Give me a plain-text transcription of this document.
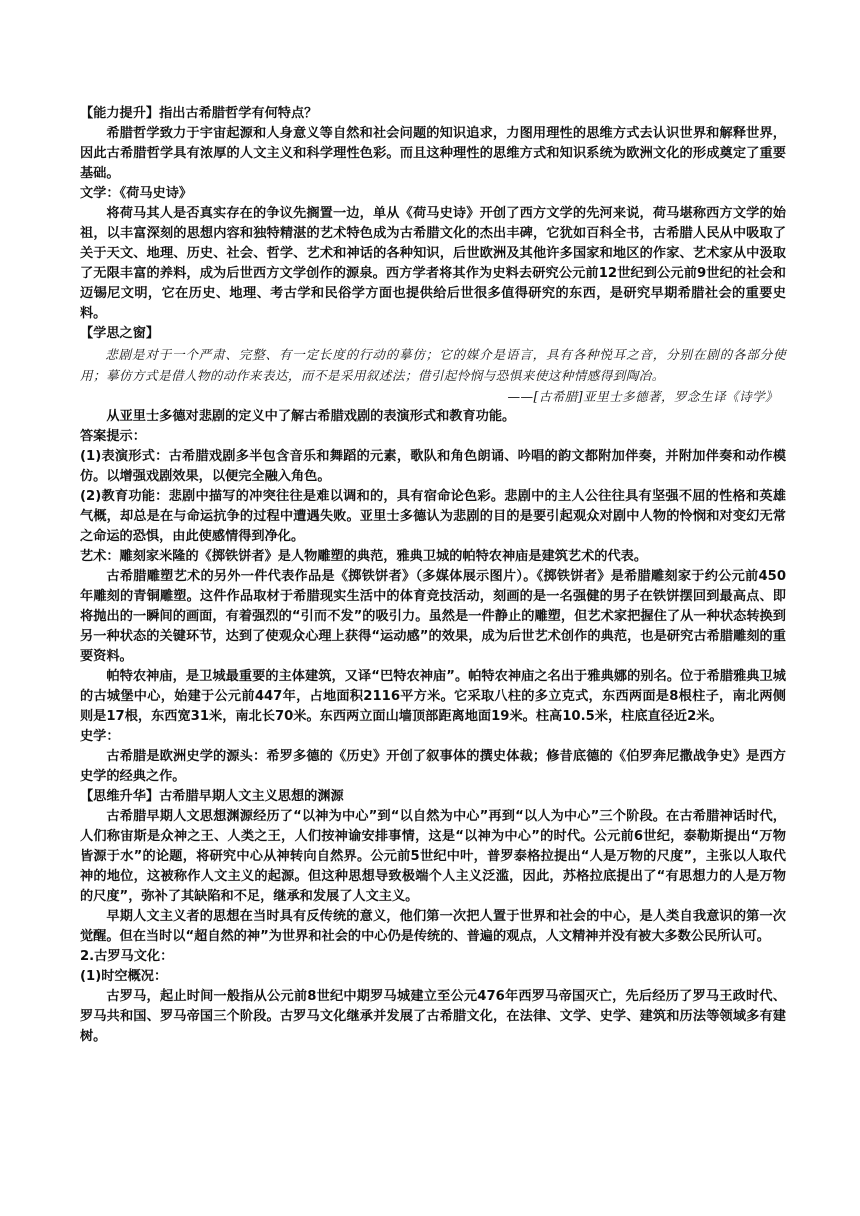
【能力提升】指出古希腊哲学有何特点？

希腊哲学致力于宇宙起源和人身意义等自然和社会问题的知识追求，力图用理性的思维方式去认识世界和解释世界，因此古希腊哲学具有浓厚的人文主义和科学理性色彩。而且这种理性的思维方式和知识系统为欧洲文化的形成奠定了重要基础。

文学：《荷马史诗》

将荷马其人是否真实存在的争议先搁置一边，单从《荷马史诗》开创了西方文学的先河来说，荷马堪称西方文学的始祖，以丰富深刻的思想内容和独特精湛的艺术特色成为古希腊文化的杰出丰碑，它犹如百科全书，古希腊人民从中吸取了关于天文、地理、历史、社会、哲学、艺术和神话的各种知识，后世欧洲及其他许多国家和地区的作家、艺术家从中汲取了无限丰富的养料，成为后世西方文学创作的源泉。西方学者将其作为史料去研究公元前12世纪到公元前9世纪的社会和迈锡尼文明，它在历史、地理、考古学和民俗学方面也提供给后世很多值得研究的东西，是研究早期希腊社会的重要史料。

【学思之窗】

悲剧是对于一个严肃、完整、有一定长度的行动的摹仿；它的媒介是语言，具有各种悦耳之音，分别在剧的各部分使用；摹仿方式是借人物的动作来表达，而不是采用叙述法；借引起怜悯与恐惧来使这种情感得到陶冶。

——[古希腊]亚里士多德著，罗念生译《诗学》

从亚里士多德对悲剧的定义中了解古希腊戏剧的表演形式和教育功能。

答案提示：

(1)表演形式：古希腊戏剧多半包含音乐和舞蹈的元素，歌队和角色朗诵、吟唱的韵文都附加伴奏，并附加伴奏和动作模仿。以增强戏剧效果，以便完全融入角色。

(2)教育功能：悲剧中描写的冲突往往是难以调和的，具有宿命论色彩。悲剧中的主人公往往具有坚强不屈的性格和英雄气概，却总是在与命运抗争的过程中遭遇失败。亚里士多德认为悲剧的目的是要引起观众对剧中人物的怜悯和对变幻无常之命运的恐惧，由此使感情得到净化。

艺术：雕刻家米隆的《掷铁饼者》是人物雕塑的典范，雅典卫城的帕特农神庙是建筑艺术的代表。

古希腊雕塑艺术的另外一件代表作品是《掷铁饼者》（多媒体展示图片）。《掷铁饼者》是希腊雕刻家于约公元前450年雕刻的青铜雕塑。这件作品取材于希腊现实生活中的体育竞技活动，刻画的是一名强健的男子在铁饼摆回到最高点、即将抛出的一瞬间的画面，有着强烈的“引而不发”的吸引力。虽然是一件静止的雕塑，但艺术家把握住了从一种状态转换到另一种状态的关键环节，达到了使观众心理上获得“运动感”的效果，成为后世艺术创作的典范，也是研究古希腊雕刻的重要资料。

帕特农神庙，是卫城最重要的主体建筑，又译“巴特农神庙”。帕特农神庙之名出于雅典娜的别名。位于希腊雅典卫城的古城堡中心，始建于公元前447年，占地面积2116平方米。它采取八柱的多立克式，东西两面是8根柱子，南北两侧则是17根，东西宽31米，南北长70米。东西两立面山墙顶部距离地面19米。柱高10.5米，柱底直径近2米。

史学：

古希腊是欧洲史学的源头：希罗多德的《历史》开创了叙事体的撰史体裁；修昔底德的《伯罗奔尼撒战争史》是西方史学的经典之作。

【思维升华】古希腊早期人文主义思想的渊源

古希腊早期人文思想渊源经历了“以神为中心”到“以自然为中心”再到“以人为中心”三个阶段。在古希腊神话时代，人们称宙斯是众神之王、人类之王，人们按神谕安排事情，这是“以神为中心”的时代。公元前6世纪，泰勒斯提出“万物皆源于水”的论题，将研究中心从神转向自然界。公元前5世纪中叶，普罗泰格拉提出“人是万物的尺度”，主张以人取代神的地位，这被称作人文主义的起源。但这种思想导致极端个人主义泛滥，因此，苏格拉底提出了“有思想力的人是万物的尺度”，弥补了其缺陷和不足，继承和发展了人文主义。

早期人文主义者的思想在当时具有反传统的意义，他们第一次把人置于世界和社会的中心，是人类自我意识的第一次觉醒。但在当时以“超自然的神”为世界和社会的中心仍是传统的、普遍的观点，人文精神并没有被大多数公民所认可。

2.古罗马文化：

(1)时空概况：

古罗马，起止时间一般指从公元前8世纪中期罗马城建立至公元476年西罗马帝国灭亡，先后经历了罗马王政时代、罗马共和国、罗马帝国三个阶段。古罗马文化继承并发展了古希腊文化，在法律、文学、史学、建筑和历法等领域多有建树。
